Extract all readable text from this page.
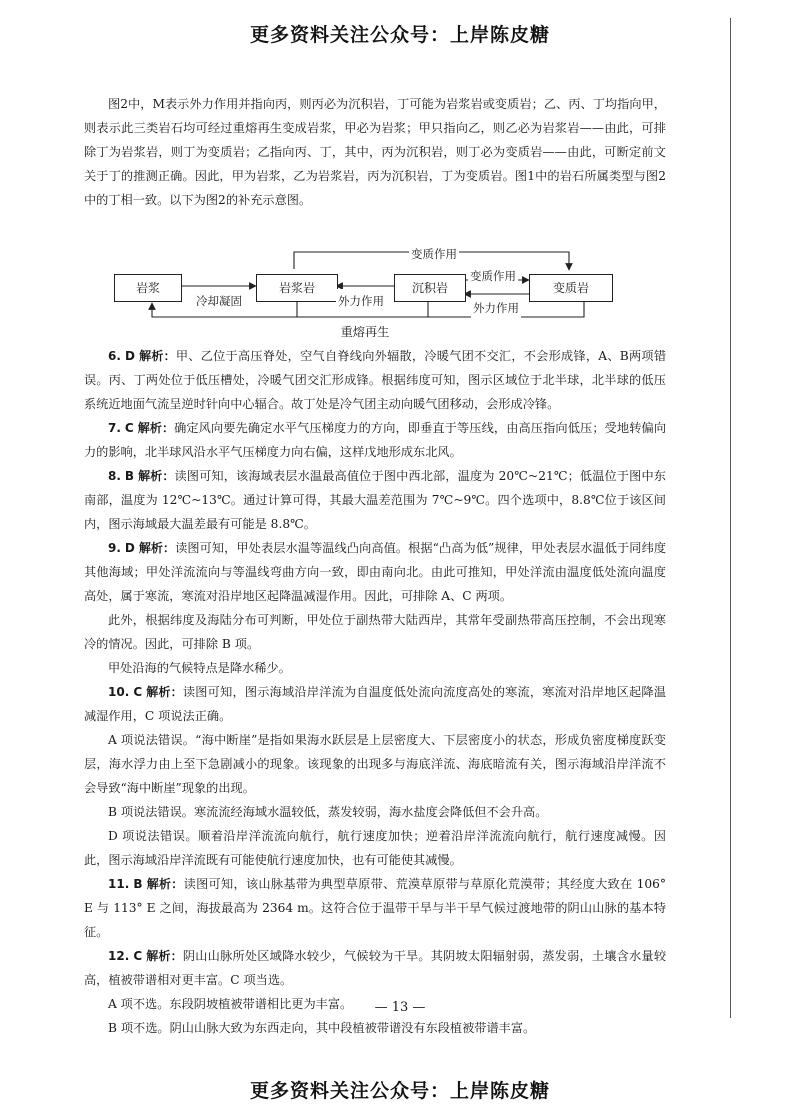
更多资料关注公众号：上岸陈皮糖

图2中，M表示外力作用并指向丙，则丙必为沉积岩，丁可能为岩浆岩或变质岩；乙、丙、丁均指向甲，则表示此三类岩石均可经过重熔再生变成岩浆，甲必为岩浆；甲只指向乙，则乙必为岩浆岩——由此，可排除丁为岩浆岩，则丁为变质岩；乙指向丙、丁，其中，丙为沉积岩，则丁必为变质岩——由此，可断定前文关于丁的推测正确。因此，甲为岩浆，乙为岩浆岩，丙为沉积岩，丁为变质岩。图1中的岩石所属类型与图2中的丁相一致。以下为图2的补充示意图。

岩浆	岩浆岩	沉积岩	变质岩
变质作用
冷却凝固	外力作用
变质作用
外力作用

重熔再生

6. D 解析：甲、乙位于高压脊处，空气自脊线向外辐散，冷暖气团不交汇，不会形成锋，A、B两项错误。丙、丁两处位于低压槽处，冷暖气团交汇形成锋。根据纬度可知，图示区域位于北半球，北半球的低压系统近地面气流呈逆时针向中心辐合。故丁处是冷气团主动向暖气团移动，会形成冷锋。

7. C 解析：确定风向要先确定水平气压梯度力的方向，即垂直于等压线，由高压指向低压；受地转偏向力的影响，北半球风沿水平气压梯度力向右偏，这样戊地形成东北风。

8. B 解析：读图可知，该海域表层水温最高值位于图中西北部，温度为 20℃~21℃；低温位于图中东南部，温度为 12℃~13℃。通过计算可得，其最大温差范围为 7℃~9℃。四个选项中，8.8℃位于该区间内，图示海域最大温差最有可能是 8.8℃。

9. D 解析：读图可知，甲处表层水温等温线凸向高值。根据“凸高为低”规律，甲处表层水温低于同纬度其他海域；甲处洋流流向与等温线弯曲方向一致，即由南向北。由此可推知，甲处洋流由温度低处流向温度高处，属于寒流，寒流对沿岸地区起降温减湿作用。因此，可排除 A、C 两项。

此外，根据纬度及海陆分布可判断，甲处位于副热带大陆西岸，其常年受副热带高压控制，不会出现寒冷的情况。因此，可排除 B 项。

甲处沿海的气候特点是降水稀少。

10. C 解析：读图可知，图示海域沿岸洋流为自温度低处流向流度高处的寒流，寒流对沿岸地区起降温减湿作用，C 项说法正确。

A 项说法错误。“海中断崖”是指如果海水跃层是上层密度大、下层密度小的状态，形成负密度梯度跃变层，海水浮力由上至下急剧减小的现象。该现象的出现多与海底洋流、海底暗流有关，图示海域沿岸洋流不会导致“海中断崖”现象的出现。

B 项说法错误。寒流流经海域水温较低，蒸发较弱，海水盐度会降低但不会升高。

D 项说法错误。顺着沿岸洋流流向航行，航行速度加快；逆着沿岸洋流流向航行，航行速度减慢。因此，图示海域沿岸洋流既有可能使航行速度加快，也有可能使其减慢。

11. B 解析：读图可知，该山脉基带为典型草原带、荒漠草原带与草原化荒漠带；其经度大致在 106° E 与 113° E 之间，海拔最高为 2364 m。这符合位于温带干旱与半干旱气候过渡地带的阴山山脉的基本特征。

12. C 解析：阴山山脉所处区域降水较少，气候较为干旱。其阴坡太阳辐射弱，蒸发弱，土壤含水量较高，植被带谱相对更丰富。C 项当选。

A 项不选。东段阴坡植被带谱相比更为丰富。

B 项不选。阴山山脉大致为东西走向，其中段植被带谱没有东段植被带谱丰富。

— 13 —
更多资料关注公众号：上岸陈皮糖
